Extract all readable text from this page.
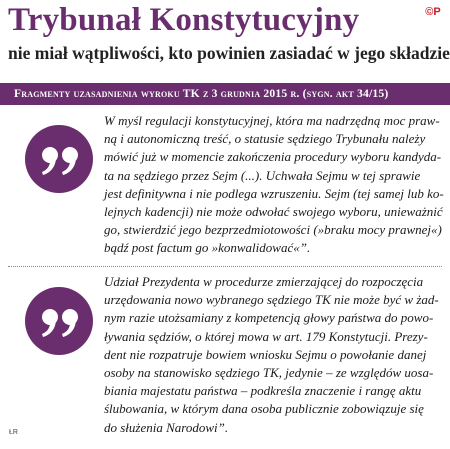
Trybunał Konstytucyjny	©P
nie miał wątpliwości, kto powinien zasiadać w jego składzie
Fragmenty uzasadnienia wyroku TK z 3 grudnia 2015 r. (sygn. akt 34/15)

W myśl regulacji konstytucyjnej, która ma nadrzędną moc praw-
ną i autonomiczną treść, o statusie sędziego Trybunału należy
mówić już w momencie zakończenia procedury wyboru kandyda-
ta na sędziego przez Sejm (...). Uchwała Sejmu w tej sprawie
jest definitywna i nie podlega wzruszeniu. Sejm (tej samej lub ko-
lejnych kadencji) nie może odwołać swojego wyboru, unieważnić
go, stwierdzić jego bezprzedmiotowości (»braku mocy prawnej«)
bądź post factum go »konwalidować«”.

Udział Prezydenta w procedurze zmierzającej do rozpoczęcia
urzędowania nowo wybranego sędziego TK nie może być w żad-
nym razie utożsamiany z kompetencją głowy państwa do powo-
ływania sędziów, o której mowa w art. 179 Konstytucji. Prezy-
dent nie rozpatruje bowiem wniosku Sejmu o powołanie danej
osoby na stanowisko sędziego TK, jedynie – ze względów uosa-
biania majestatu państwa – podkreśla znaczenie i rangę aktu
ślubowania, w którym dana osoba publicznie zobowiązuje się
do służenia Narodowi”.

ŁR
